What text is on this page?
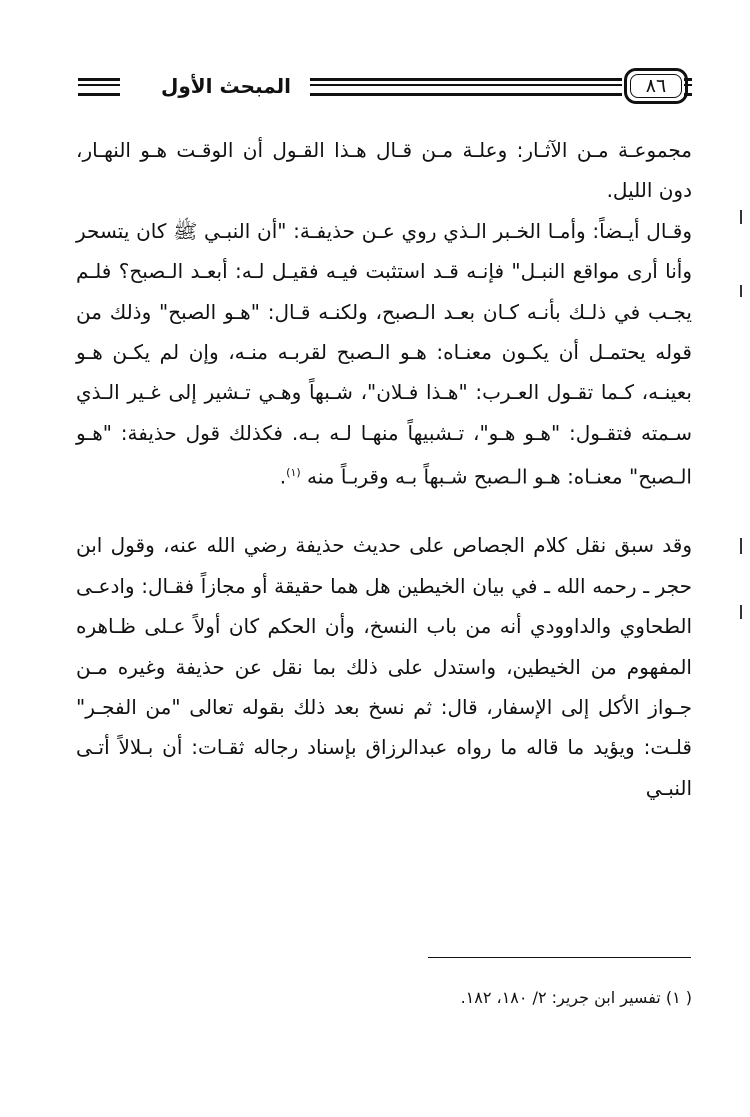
المبحث الأول	٨٦

مجموعـة مـن الآثـار: وعلـة مـن قـال هـذا القـول أن الوقـت هـو النهـار، دون الليل.

وقـال أيـضاً: وأمـا الخـبر الـذي روي عـن حذيفـة: "أن النبـي ﷺ كان يتسحر وأنا أرى مواقع النبـل" فإنـه قـد استثبت فيـه فقيـل لـه: أبعـد الـصبح؟ فلـم يجـب في ذلـك بأنـه كـان بعـد الـصبح، ولكنـه قـال: "هـو الصبح" وذلك من قوله يحتمـل أن يكـون معنـاه: هـو الـصبح لقربـه منـه، وإن لم يكـن هـو بعينـه، كـما تقـول العـرب: "هـذا فـلان"، شـبهاً وهـي تـشير إلى غـير الـذي سـمته فتقـول: "هـو هـو"، تـشبيهاً منهـا لـه بـه. فكذلك قول حذيفة: "هـو الـصبح" معنـاه: هـو الـصبح شـبهاً بـه وقربـاً منه $^{(١)}$.

وقد سبق نقل كلام الجصاص على حديث حذيفة رضي الله عنه، وقول ابن حجر ـ رحمه الله ـ في بيان الخيطين هل هما حقيقة أو مجازاً فقـال: وادعـى الطحاوي والداوودي أنه من باب النسخ، وأن الحكم كان أولاً عـلى ظـاهره المفهوم من الخيطين، واستدل على ذلك بما نقل عن حذيفة وغيره مـن جـواز الأكل إلى الإسفار، قال: ثم نسخ بعد ذلك بقوله تعالى "من الفجـر" قلـت: ويؤيد ما قاله ما رواه عبدالرزاق بإسناد رجاله ثقـات: أن بـلالاً أتـى النبـي

( ١) تفسير ابن جرير: ٢/ ١٨٠، ١٨٢.
